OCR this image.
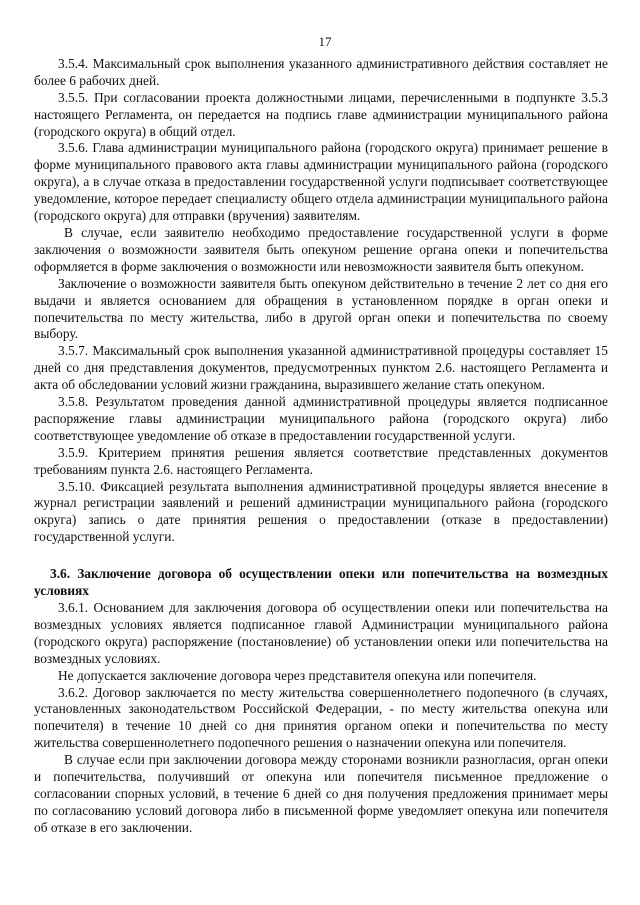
17

3.5.4. Максимальный срок выполнения указанного административного действия составляет не более 6 рабочих дней.

3.5.5. При согласовании проекта должностными лицами, перечисленными в подпункте 3.5.3 настоящего Регламента, он передается на подпись главе администрации муниципального района (городского округа) в общий отдел.

3.5.6. Глава администрации муниципального района (городского округа) принимает решение в форме муниципального правового акта главы администрации муниципального района (городского округа), а в случае отказа в предоставлении государственной услуги подписывает соответствующее уведомление, которое передает специалисту общего отдела администрации муниципального района (городского округа) для отправки (вручения) заявителям.

В случае, если заявителю необходимо предоставление государственной услуги в форме заключения о возможности заявителя быть опекуном решение органа опеки и попечительства оформляется в форме заключения о возможности или невозможности заявителя быть опекуном.

Заключение о возможности заявителя быть опекуном действительно в течение 2 лет со дня его выдачи и является основанием для обращения в установленном порядке в орган опеки и попечительства по месту жительства, либо в другой орган опеки и попечительства по своему выбору.

3.5.7. Максимальный срок выполнения указанной административной процедуры составляет 15 дней со дня представления документов, предусмотренных пунктом 2.6. настоящего Регламента и акта об обследовании условий жизни гражданина, выразившего желание стать опекуном.

3.5.8. Результатом проведения данной административной процедуры является подписанное распоряжение главы администрации муниципального района (городского округа) либо соответствующее уведомление об отказе в предоставлении государственной услуги.

3.5.9. Критерием принятия решения является соответствие представленных документов требованиям пункта 2.6. настоящего Регламента.

3.5.10. Фиксацией результата выполнения административной процедуры является внесение в журнал регистрации заявлений и решений администрации муниципального района (городского округа) запись о дате принятия решения о предоставлении (отказе в предоставлении) государственной услуги.

3.6. Заключение договора об осуществлении опеки или попечительства на возмездных условиях

3.6.1. Основанием для заключения договора об осуществлении опеки или попечительства на возмездных условиях является подписанное главой Администрации муниципального района (городского округа) распоряжение (постановление) об установлении опеки или попечительства на возмездных условиях.

Не допускается заключение договора через представителя опекуна или попечителя.

3.6.2. Договор заключается по месту жительства совершеннолетнего подопечного (в случаях, установленных законодательством Российской Федерации, - по месту жительства опекуна или попечителя) в течение 10 дней со дня принятия органом опеки и попечительства по месту жительства совершеннолетнего подопечного решения о назначении опекуна или попечителя.

В случае если при заключении договора между сторонами возникли разногласия, орган опеки и попечительства, получивший от опекуна или попечителя письменное предложение о согласовании спорных условий, в течение 6 дней со дня получения предложения принимает меры по согласованию условий договора либо в письменной форме уведомляет опекуна или попечителя об отказе в его заключении.
